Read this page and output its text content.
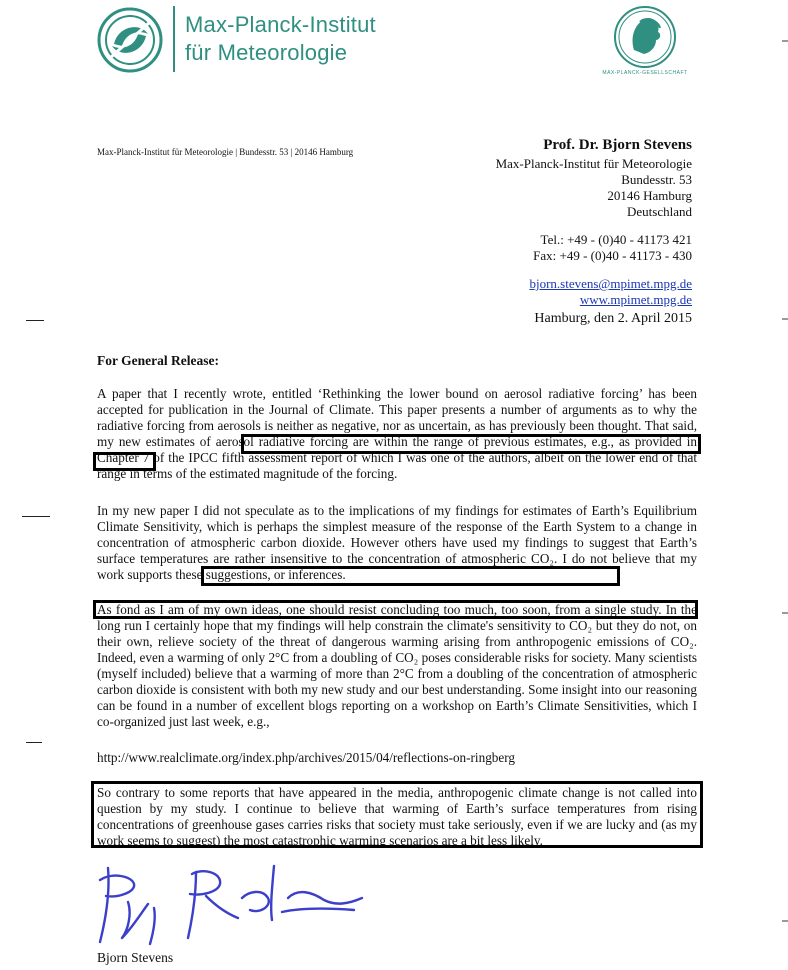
Max-Planck-Institut
für Meteorologie
MAX-PLANCK-GESELLSCHAFT
Max-Planck-Institut für Meteorologie | Bundesstr. 53 | 20146 Hamburg	Prof. Dr. Bjorn Stevens
Max-Planck-Institut für Meteorologie
Bundesstr. 53
20146 Hamburg
Deutschland
Tel.: +49 - (0)40 - 41173 421
Fax: +49 - (0)40 - 41173 - 430
bjorn.stevens@mpimet.mpg.de
www.mpimet.mpg.de
Hamburg, den 2. April 2015
For General Release:
A paper that I recently wrote, entitled ‘Rethinking the lower bound on aerosol radiative forcing’ has been accepted for publication in the Journal of Climate. This paper presents a number of arguments as to why the radiative forcing from aerosols is neither as negative, nor as uncertain, as has previously been thought. That said, my new estimates of aerosol radiative forcing are within the range of previous estimates, e.g., as provided in Chapter 7 of the IPCC fifth assessment report of which I was one of the authors, albeit on the lower end of that range in terms of the estimated magnitude of the forcing.
In my new paper I did not speculate as to the implications of my findings for estimates of Earth’s Equilibrium Climate Sensitivity, which is perhaps the simplest measure of the response of the Earth System to a change in concentration of atmospheric carbon dioxide. However others have used my findings to suggest that Earth’s surface temperatures are rather insensitive to the concentration of atmospheric CO₂. I do not believe that my work supports these suggestions, or inferences.
As fond as I am of my own ideas, one should resist concluding too much, too soon, from a single study. In the long run I certainly hope that my findings will help constrain the climate's sensitivity to CO₂ but they do not, on their own, relieve society of the threat of dangerous warming arising from anthropogenic emissions of CO₂. Indeed, even a warming of only 2°C from a doubling of CO₂ poses considerable risks for society. Many scientists (myself included) believe that a warming of more than 2°C from a doubling of the concentration of atmospheric carbon dioxide is consistent with both my new study and our best understanding. Some insight into our reasoning can be found in a number of excellent blogs reporting on a workshop on Earth’s Climate Sensitivities, which I co-organized just last week, e.g.,
http://www.realclimate.org/index.php/archives/2015/04/reflections-on-ringberg
So contrary to some reports that have appeared in the media, anthropogenic climate change is not called into question by my study. I continue to believe that warming of Earth’s surface temperatures from rising concentrations of greenhouse gases carries risks that society must take seriously, even if we are lucky and (as my work seems to suggest) the most catastrophic warming scenarios are a bit less likely.
Bjorn Stevens
